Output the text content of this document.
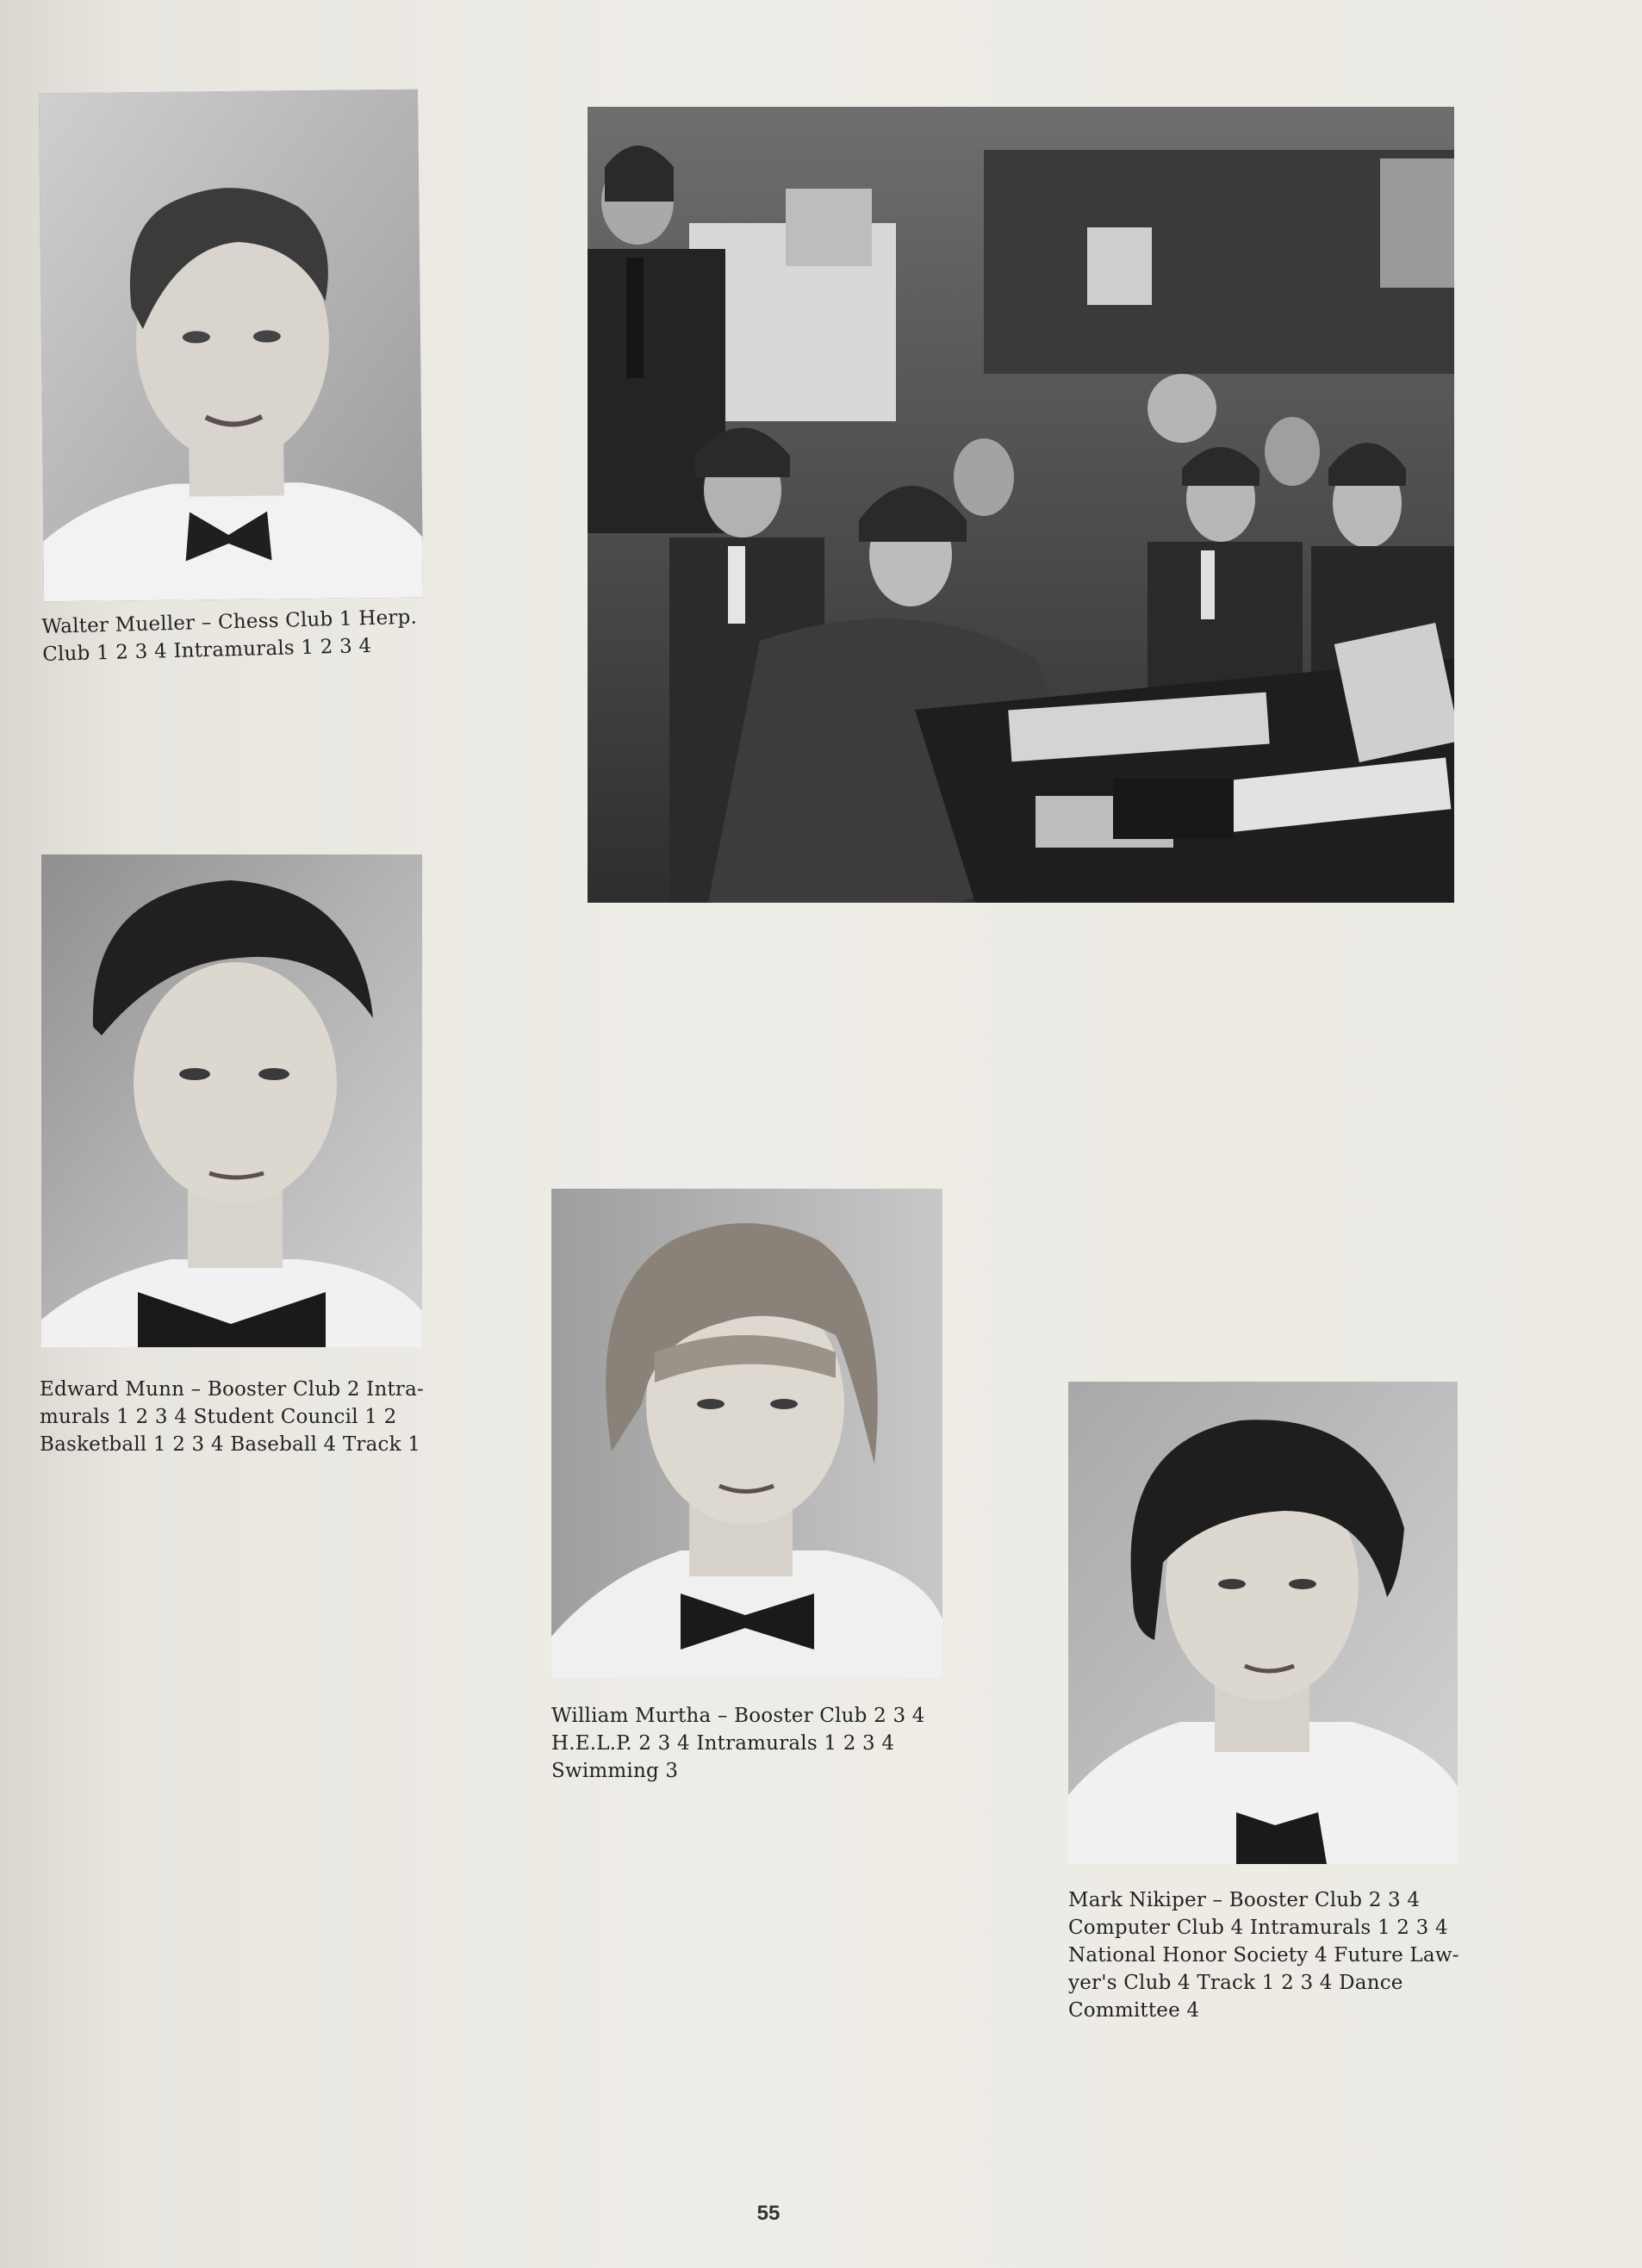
Walter Mueller – Chess Club 1 Herp.
Club 1 2 3 4 Intramurals 1 2 3 4
Edward Munn – Booster Club 2 Intra-
murals 1 2 3 4 Student Council 1 2
Basketball 1 2 3 4 Baseball 4 Track 1
William Murtha – Booster Club 2 3 4
H.E.L.P. 2 3 4 Intramurals 1 2 3 4
Swimming 3
Mark Nikiper – Booster Club 2 3 4
Computer Club 4 Intramurals 1 2 3 4
National Honor Society 4 Future Law-
yer's Club 4 Track 1 2 3 4 Dance
Committee 4
55
